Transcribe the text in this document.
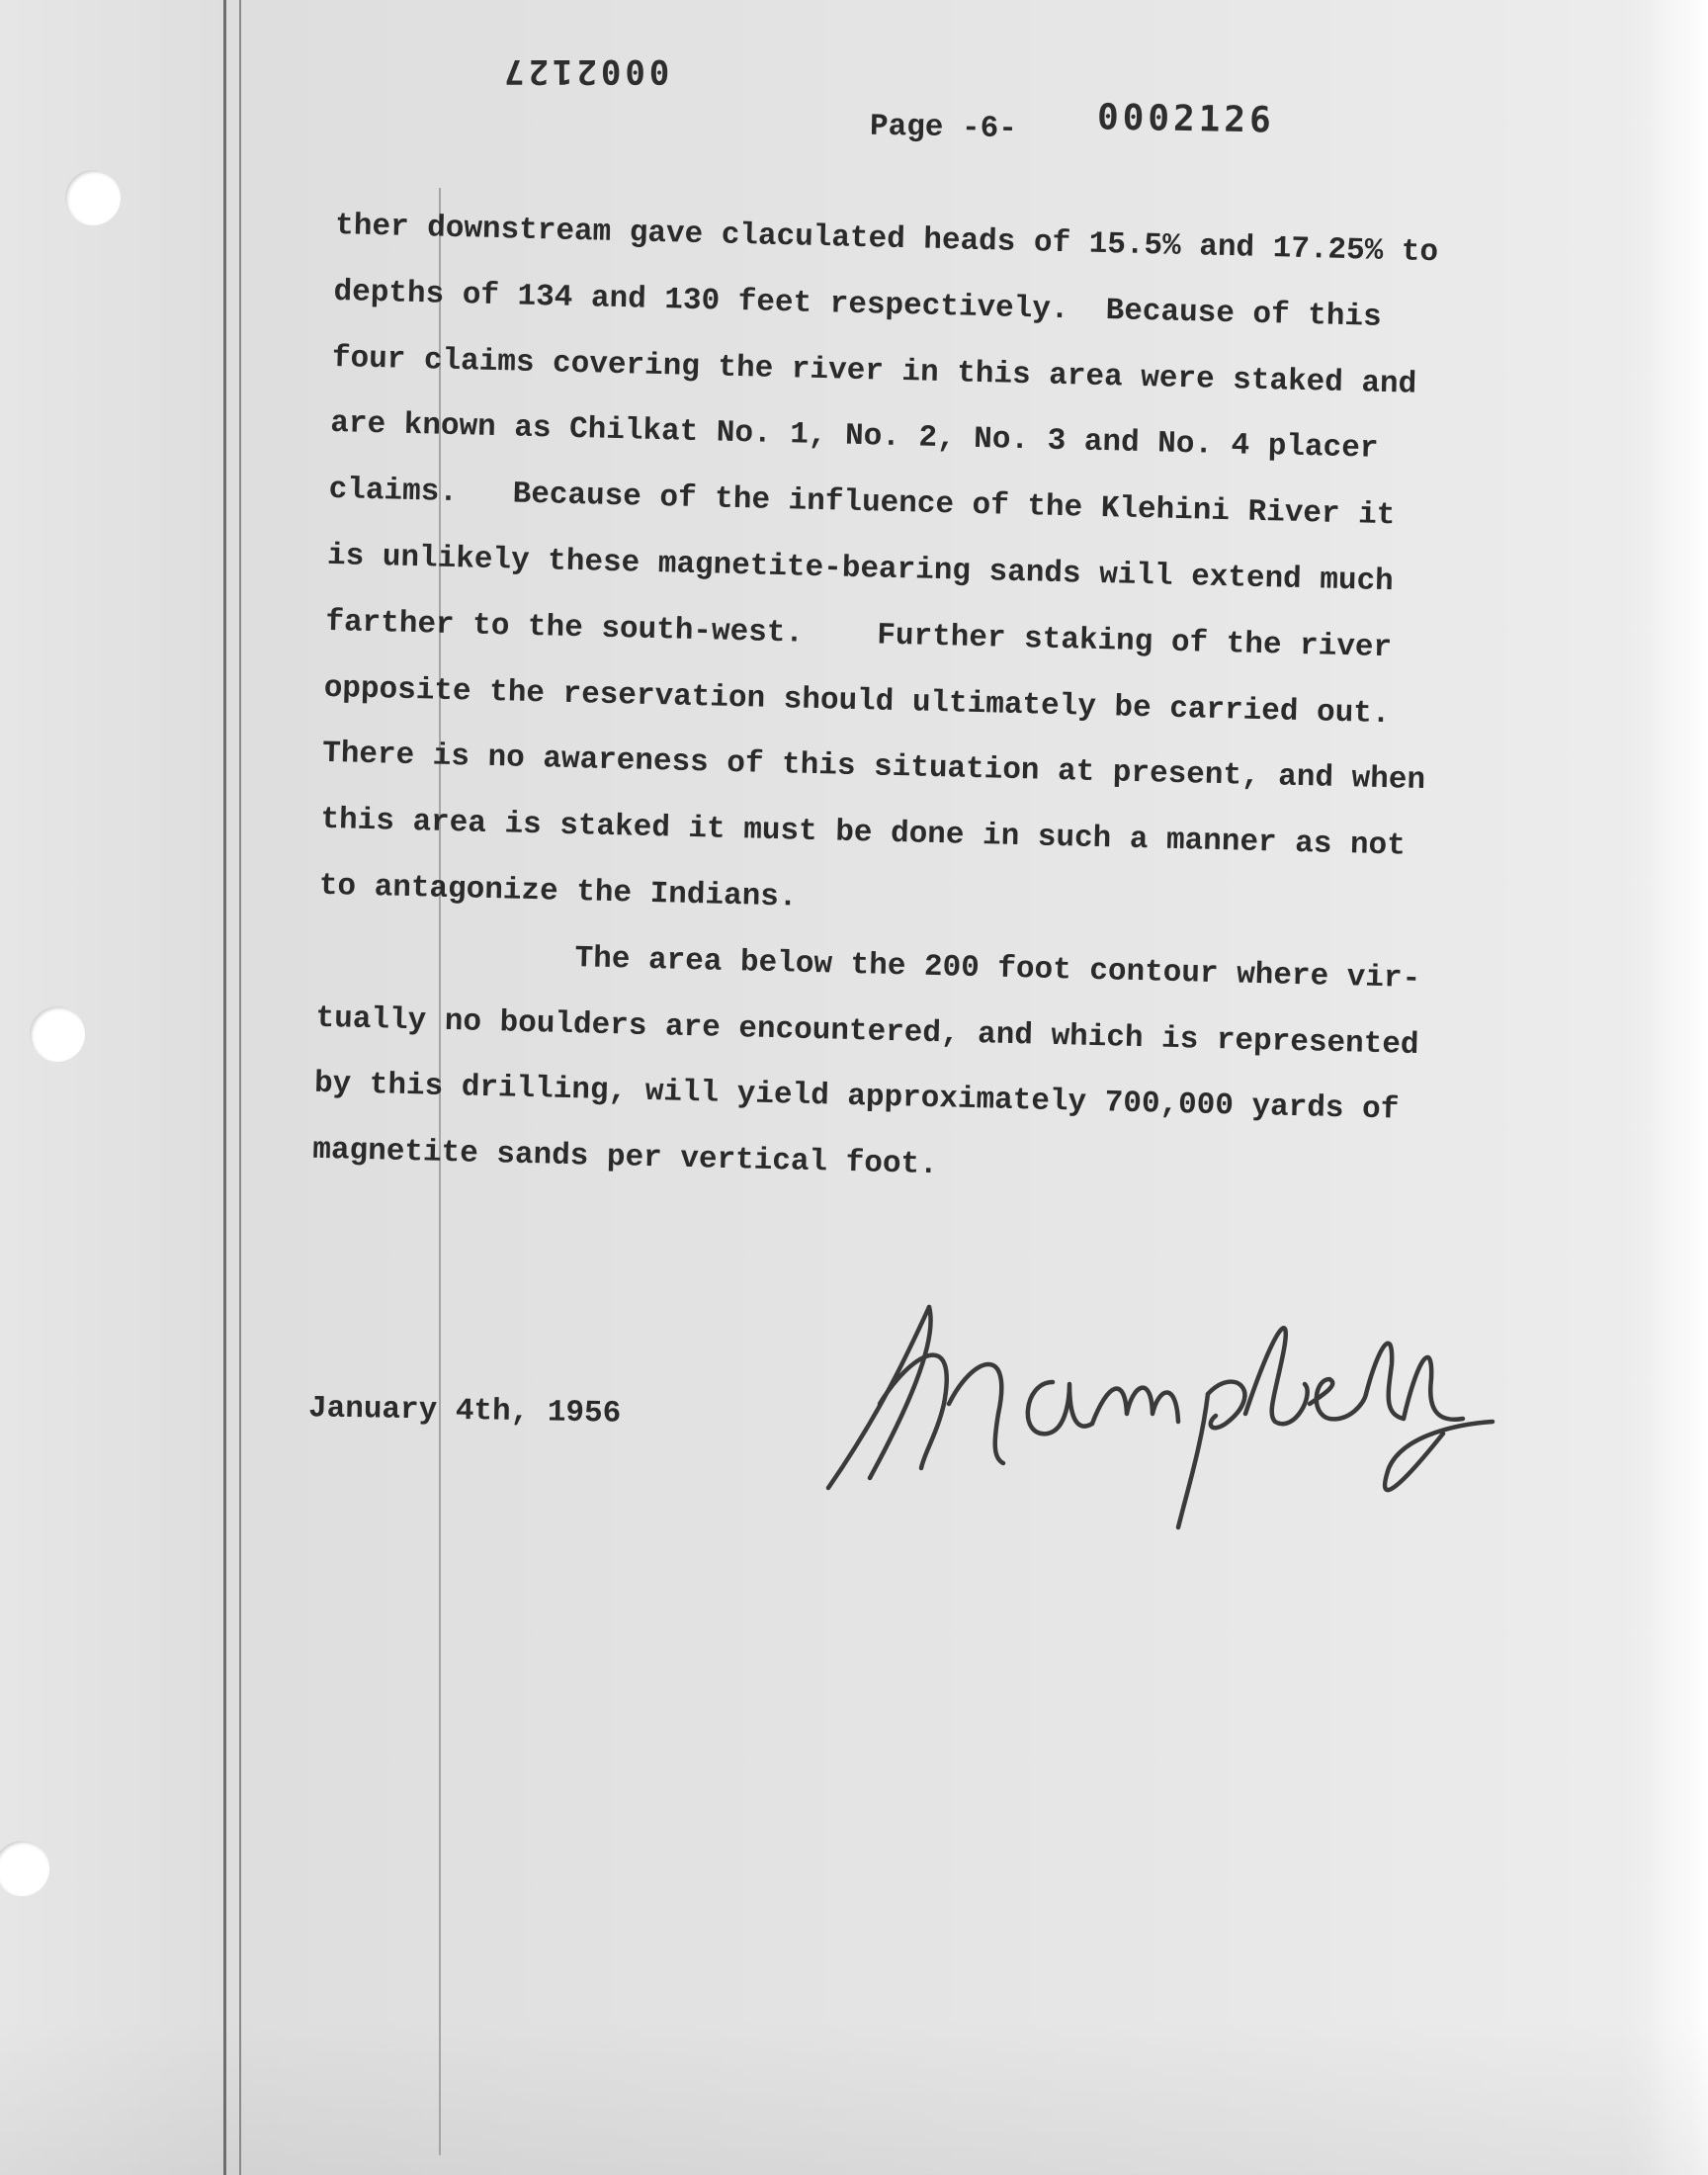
0002127
Page -6- 0002126
ther downstream gave claculated heads of 15.5% and 17.25% to
depths of 134 and 130 feet respectively.  Because of this
four claims covering the river in this area were staked and
are known as Chilkat No. 1, No. 2, No. 3 and No. 4 placer
claims.   Because of the influence of the Klehini River it
is unlikely these magnetite-bearing sands will extend much
farther to the south-west.    Further staking of the river
opposite the reservation should ultimately be carried out.
There is no awareness of this situation at present, and when
this area is staked it must be done in such a manner as not
to antagonize the Indians.
The area below the 200 foot contour where vir-
tually no boulders are encountered, and which is represented
by this drilling, will yield approximately 700,000 yards of
magnetite sands per vertical foot.
January 4th, 1956
